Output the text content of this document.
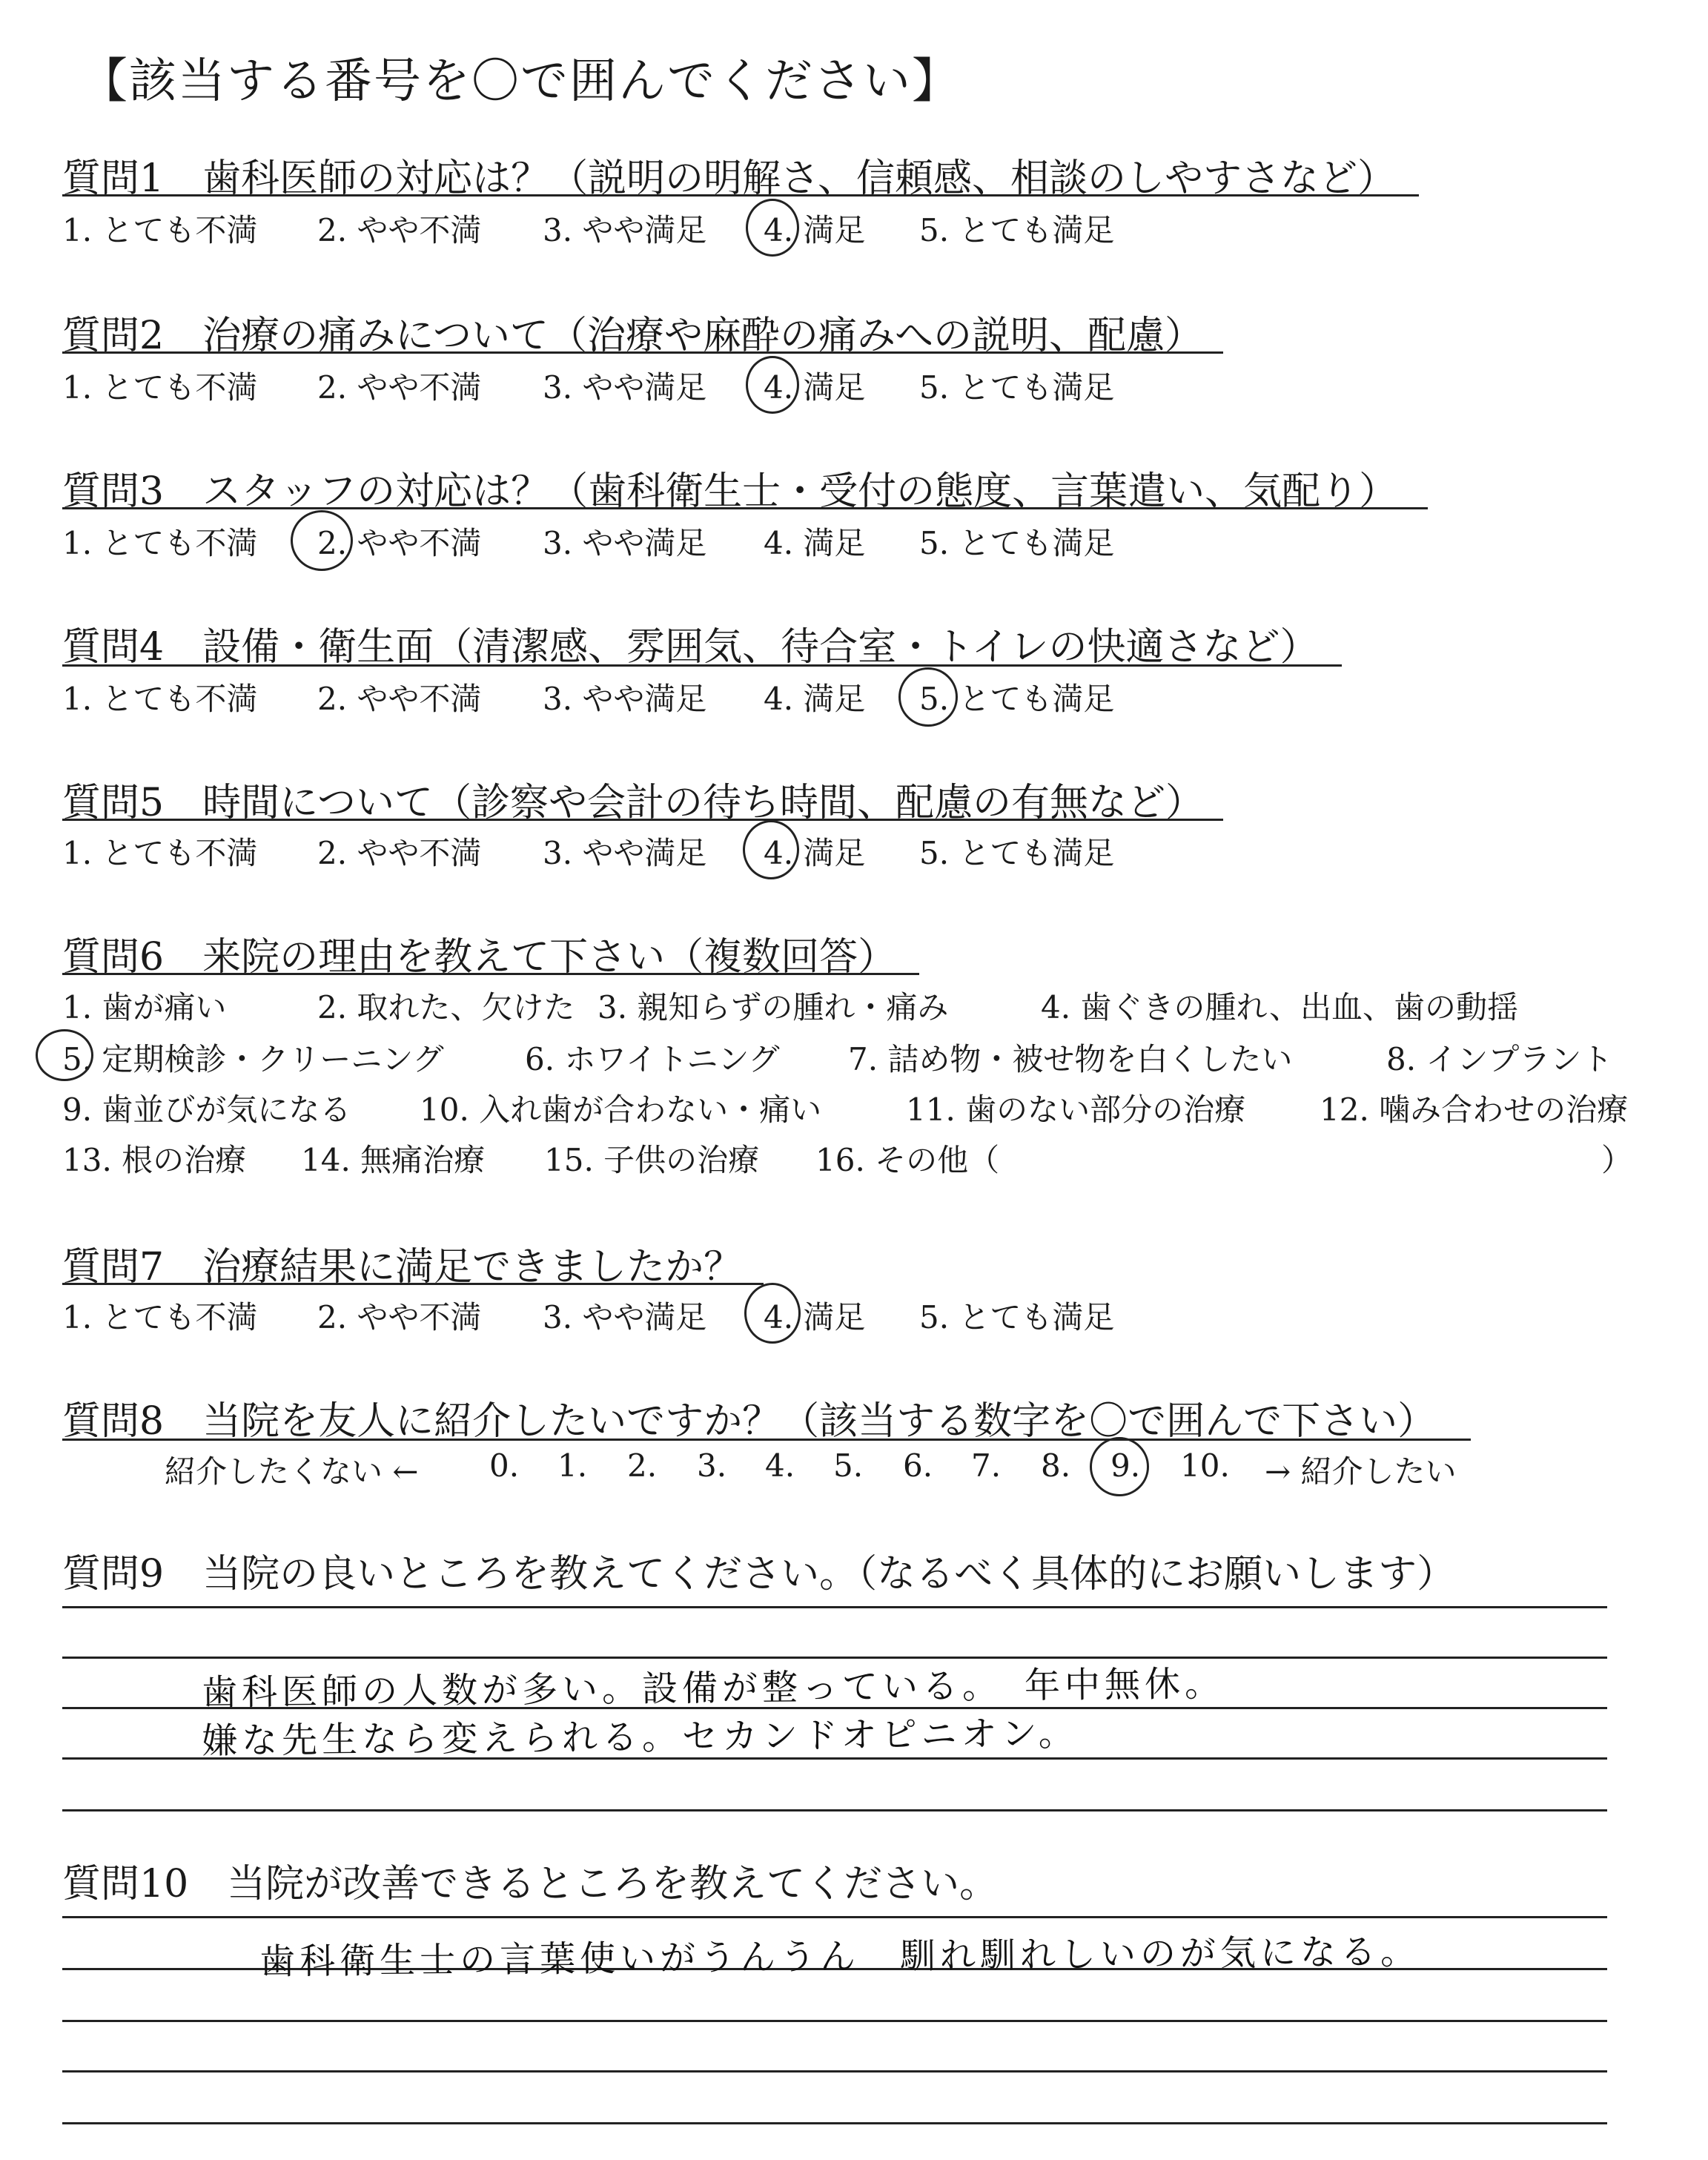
【該当する番号を〇で囲んでください】
質問1　歯科医師の対応は？（説明の明解さ、信頼感、相談のしやすさなど）
1. とても不満 2. やや不満 3. やや満足 4. 満足 5. とても満足
質問2　治療の痛みについて（治療や麻酔の痛みへの説明、配慮）
1. とても不満 2. やや不満 3. やや満足 4. 満足 5. とても満足
質問3　スタッフの対応は？（歯科衛生士・受付の態度、言葉遣い、気配り）
1. とても不満 2. やや不満 3. やや満足 4. 満足 5. とても満足
質問4　設備・衛生面（清潔感、雰囲気、待合室・トイレの快適さなど）
1. とても不満 2. やや不満 3. やや満足 4. 満足 5. とても満足
質問5　時間について（診察や会計の待ち時間、配慮の有無など）
1. とても不満 2. やや不満 3. やや満足 4. 満足 5. とても満足
質問6　来院の理由を教えて下さい（複数回答）
1. 歯が痛い	2. 取れた、欠けた 3. 親知らずの腫れ・痛み	4. 歯ぐきの腫れ、出血、歯の動揺
5. 定期検診・クリーニング	6. ホワイトニング 7. 詰め物・被せ物を白くしたい	8. インプラント
9. 歯並びが気になる 10. 入れ歯が合わない・痛い	11. 歯のない部分の治療 12. 噛み合わせの治療
13. 根の治療 14. 無痛治療 15. 子供の治療 16. その他（	）
質問7　治療結果に満足できましたか？
1. とても不満 2. やや不満 3. やや満足 4. 満足 5. とても満足
質問8　当院を友人に紹介したいですか？（該当する数字を〇で囲んで下さい）
紹介したくない ← 0. 1. 2. 3. 4. 5. 6. 7. 8. 9. 10. → 紹介したい
質問9　当院の良いところを教えてください。（なるべく具体的にお願いします）
歯科医師の人数が多い。設備が整っている。　年中無休。
嫌な先生なら変えられる。セカンドオピニオン。
質問10　当院が改善できるところを教えてください。
歯科衛生士の言葉使いがうんうん　馴れ馴れしいのが気になる。
